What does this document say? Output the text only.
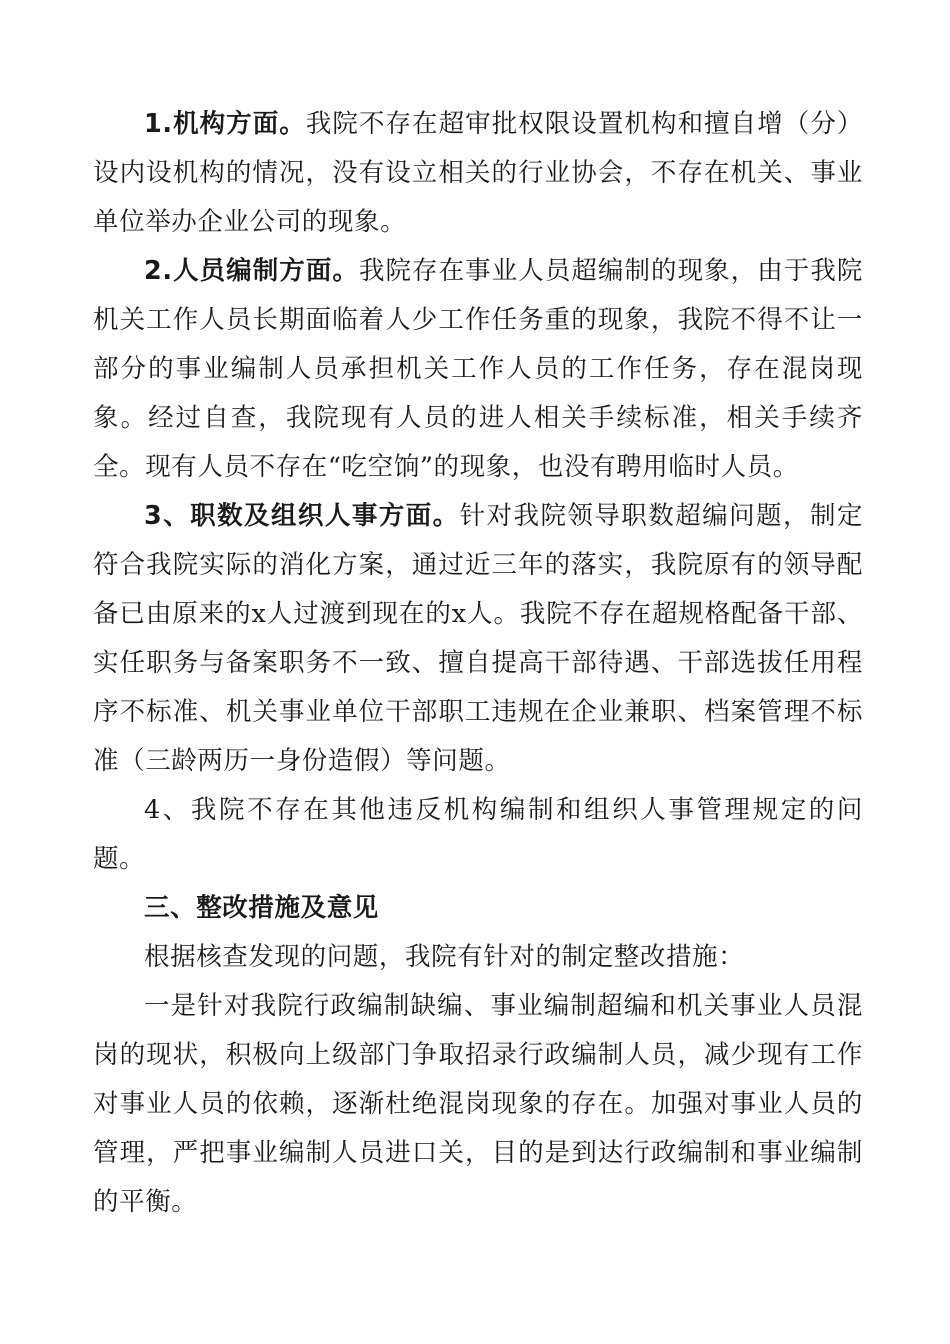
1.机构方面。我院不存在超审批权限设置机构和擅自增（分）设内设机构的情况，没有设立相关的行业协会，不存在机关、事业单位举办企业公司的现象。

2.人员编制方面。我院存在事业人员超编制的现象，由于我院机关工作人员长期面临着人少工作任务重的现象，我院不得不让一部分的事业编制人员承担机关工作人员的工作任务，存在混岗现象。经过自查，我院现有人员的进人相关手续标准，相关手续齐全。现有人员不存在“吃空饷”的现象，也没有聘用临时人员。

3、职数及组织人事方面。针对我院领导职数超编问题，制定符合我院实际的消化方案，通过近三年的落实，我院原有的领导配备已由原来的x人过渡到现在的x人。我院不存在超规格配备干部、实任职务与备案职务不一致、擅自提高干部待遇、干部选拔任用程序不标准、机关事业单位干部职工违规在企业兼职、档案管理不标准（三龄两历一身份造假）等问题。

4、我院不存在其他违反机构编制和组织人事管理规定的问题。

三、整改措施及意见

根据核查发现的问题，我院有针对的制定整改措施：

一是针对我院行政编制缺编、事业编制超编和机关事业人员混岗的现状，积极向上级部门争取招录行政编制人员，减少现有工作对事业人员的依赖，逐渐杜绝混岗现象的存在。加强对事业人员的管理，严把事业编制人员进口关，目的是到达行政编制和事业编制的平衡。
